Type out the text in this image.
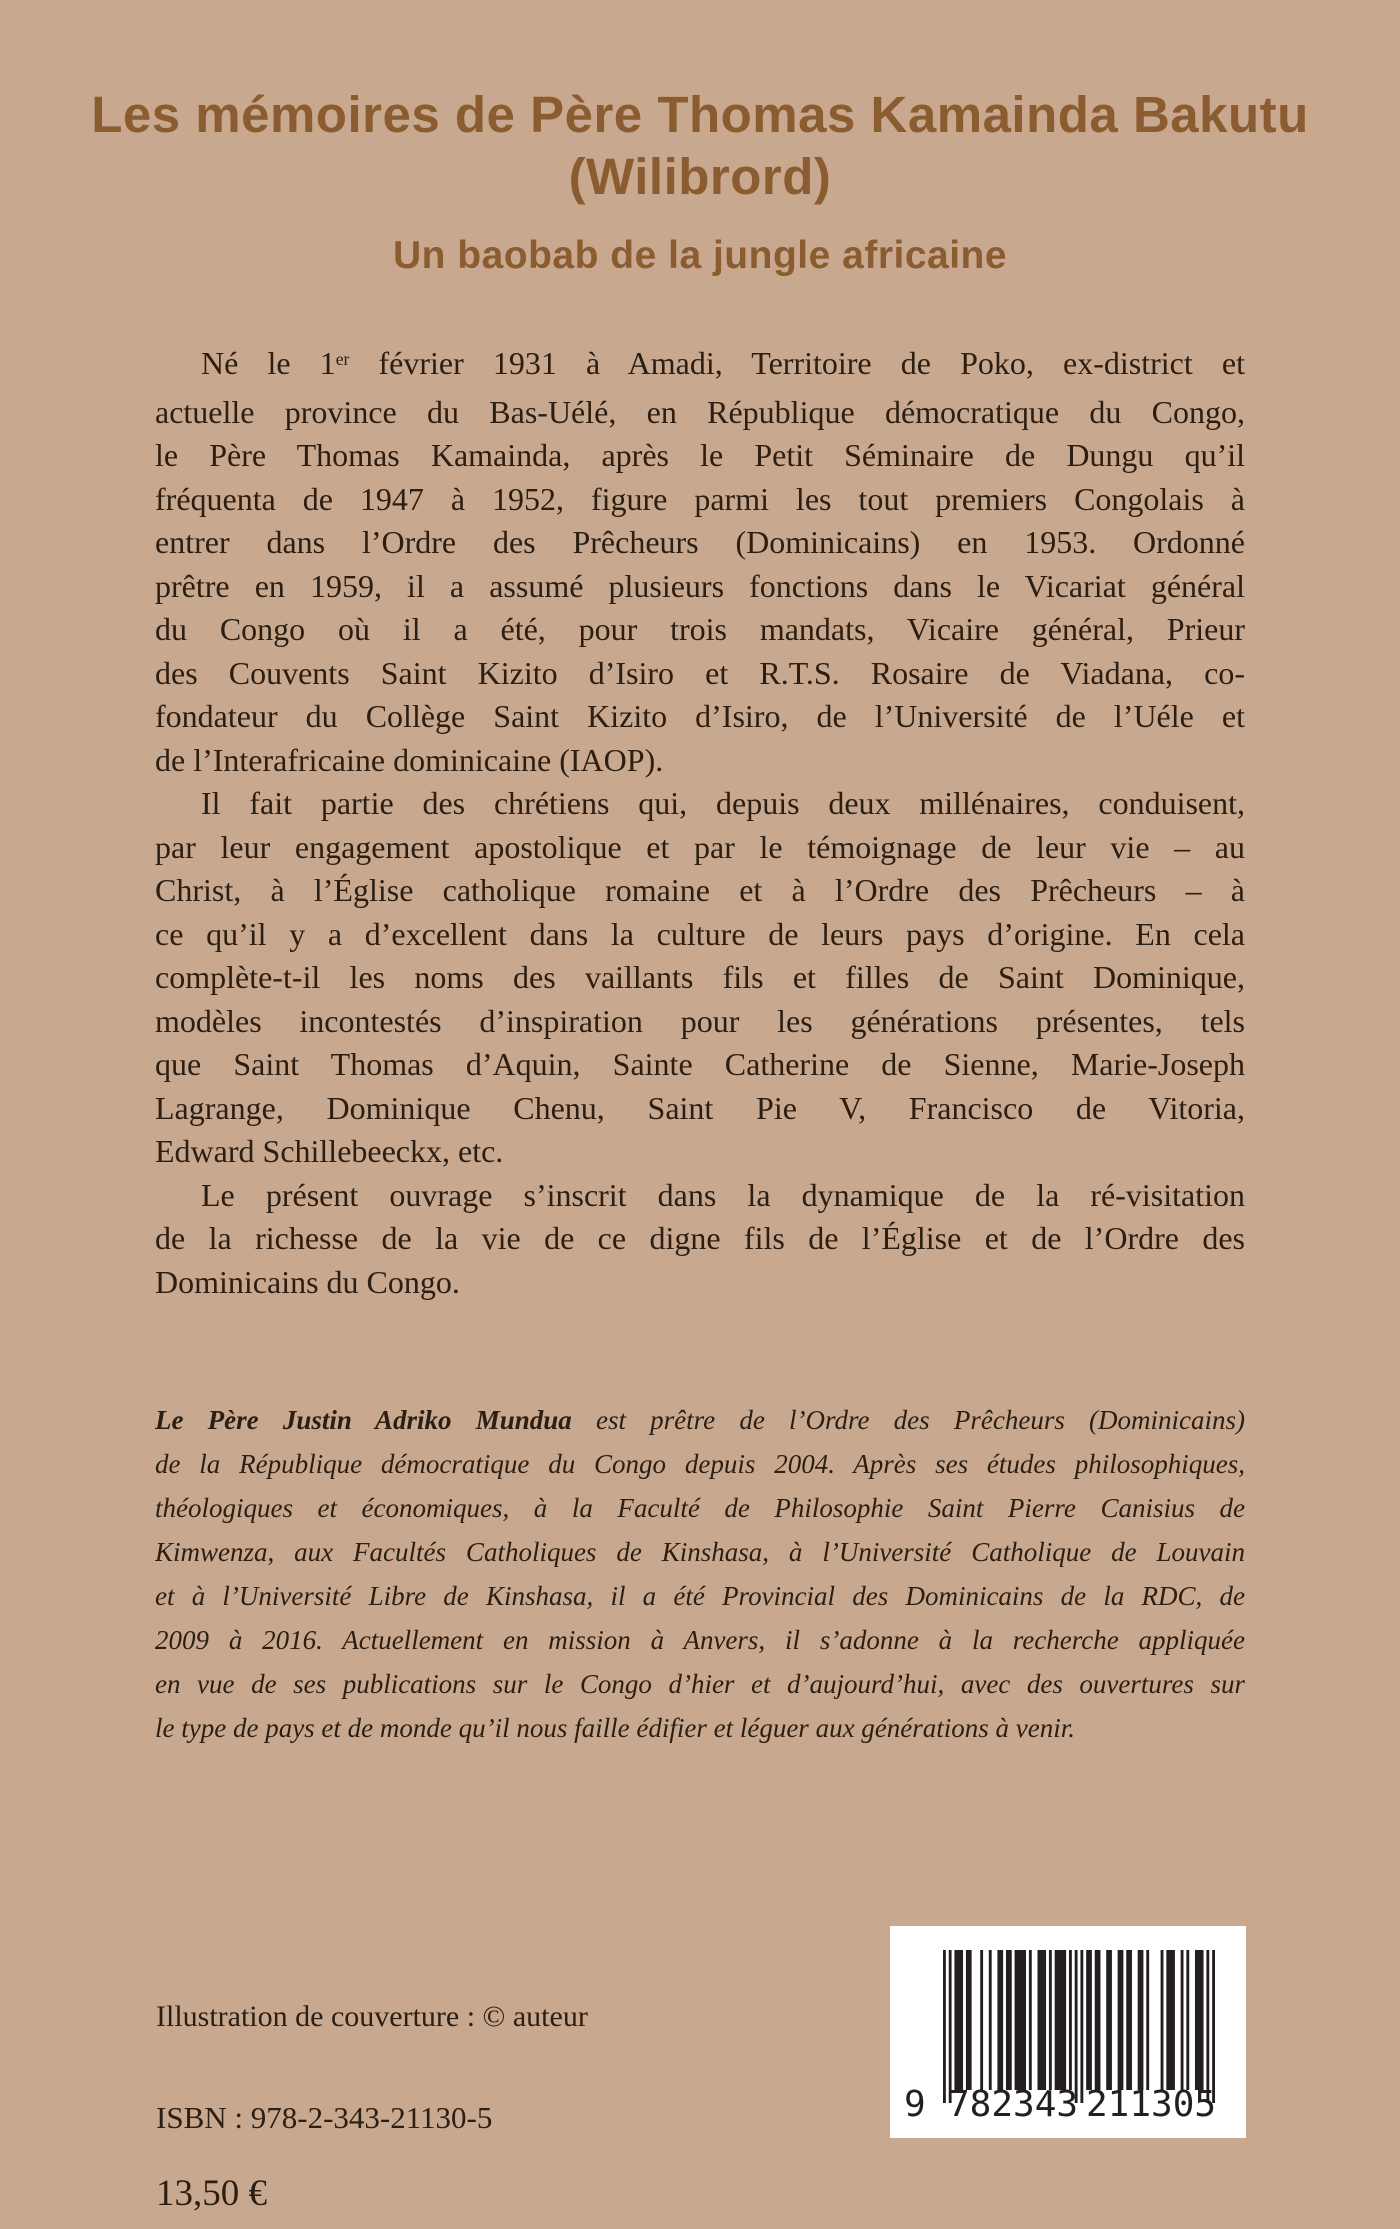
Les mémoires de Père Thomas Kamainda Bakutu
(Wilibrord)
Un baobab de la jungle africaine
Né le 1er février 1931 à Amadi, Territoire de Poko, ex-district et
actuelle province du Bas-Uélé, en République démocratique du Congo,
le Père Thomas Kamainda, après le Petit Séminaire de Dungu qu’il
fréquenta de 1947 à 1952, figure parmi les tout premiers Congolais à
entrer dans l’Ordre des Prêcheurs (Dominicains) en 1953. Ordonné
prêtre en 1959, il a assumé plusieurs fonctions dans le Vicariat général
du Congo où il a été, pour trois mandats, Vicaire général, Prieur
des Couvents Saint Kizito d’Isiro et R.T.S. Rosaire de Viadana, co-
fondateur du Collège Saint Kizito d’Isiro, de l’Université de l’Uéle et
de l’Interafricaine dominicaine (IAOP).
Il fait partie des chrétiens qui, depuis deux millénaires, conduisent,
par leur engagement apostolique et par le témoignage de leur vie – au
Christ, à l’Église catholique romaine et à l’Ordre des Prêcheurs – à
ce qu’il y a d’excellent dans la culture de leurs pays d’origine. En cela
complète-t-il les noms des vaillants fils et filles de Saint Dominique,
modèles incontestés d’inspiration pour les générations présentes, tels
que Saint Thomas d’Aquin, Sainte Catherine de Sienne, Marie-Joseph
Lagrange, Dominique Chenu, Saint Pie V, Francisco de Vitoria,
Edward Schillebeeckx, etc.
Le présent ouvrage s’inscrit dans la dynamique de la ré-visitation
de la richesse de la vie de ce digne fils de l’Église et de l’Ordre des
Dominicains du Congo.
Le Père Justin Adriko Mundua est prêtre de l’Ordre des Prêcheurs (Dominicains)
de la République démocratique du Congo depuis 2004. Après ses études philosophiques,
théologiques et économiques, à la Faculté de Philosophie Saint Pierre Canisius de
Kimwenza, aux Facultés Catholiques de Kinshasa, à l’Université Catholique de Louvain
et à l’Université Libre de Kinshasa, il a été Provincial des Dominicains de la RDC, de
2009 à 2016. Actuellement en mission à Anvers, il s’adonne à la recherche appliquée
en vue de ses publications sur le Congo d’hier et d’aujourd’hui, avec des ouvertures sur
le type de pays et de monde qu’il nous faille édifier et léguer aux générations à venir.
Illustration de couverture : © auteur
ISBN : 978-2-343-21130-5
13,50 €
9 782343 211305
